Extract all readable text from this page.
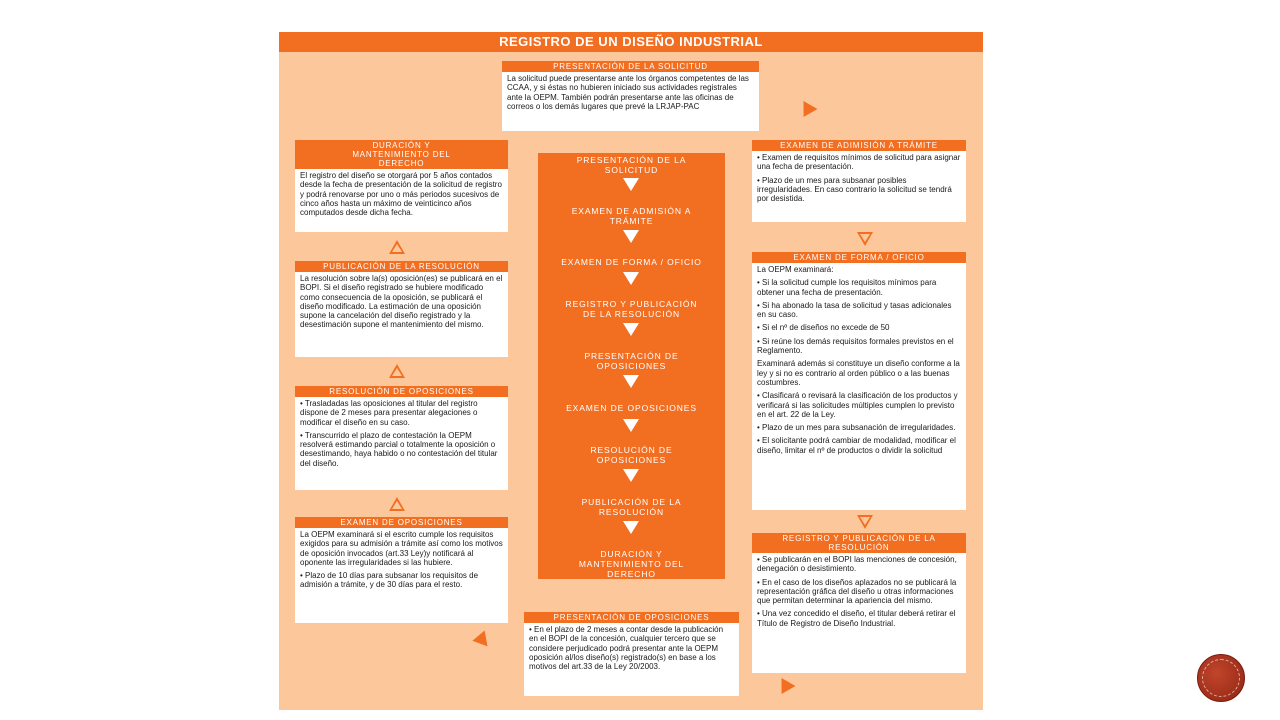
REGISTRO DE UN DISEÑO INDUSTRIAL
PRESENTACIÓN DE LA SOLICITUD

La solicitud puede presentarse ante los órganos competentes de las CCAA, y si éstas no hubieren iniciado sus actividades registrales ante la OEPM. También podrán presentarse ante las oficinas de correos o los demás lugares que prevé la LRJAP-PAC

DURACIÓN Y MANTENIMIENTO DEL DERECHO

El registro del diseño se otorgará por 5 años contados desde la fecha de presentación de la solicitud de registro y podrá renovarse por uno o más periodos sucesivos de cinco años hasta un máximo de veinticinco años computados desde dicha fecha.

PUBLICACIÓN DE LA RESOLUCIÓN

La resolución sobre la(s) oposición(es) se publicará en el BOPI. Si el diseño registrado se hubiere modificado como consecuencia de la oposición, se publicará el diseño modificado. La estimación de una oposición supone la cancelación del diseño registrado y la desestimación supone el mantenimiento del mismo.

RESOLUCIÓN DE OPOSICIONES

• Trasladadas las oposiciones al titular del registro dispone de 2 meses para presentar alegaciones o modificar el diseño en su caso.

• Transcurrido el plazo de contestación la OEPM resolverá estimando parcial o totalmente la oposición o desestimando, haya habido o no contestación del titular del diseño.

EXAMEN DE OPOSICIONES

La OEPM examinará si el escrito cumple los requisitos exigidos para su admisión a trámite así como los motivos de oposición invocados (art.33 Ley)y notificará al oponente las irregularidades si las hubiere.

• Plazo de 10 días para subsanar los requisitos de admisión a trámite, y de 30 días para el resto.

PRESENTACIÓN DE OPOSICIONES

• En el plazo de 2 meses a contar desde la publicación en el BOPI de la concesión, cualquier tercero que se considere perjudicado podrá presentar ante la OEPM oposición al/los diseño(s) registrado(s) en base a los motivos del art.33 de la Ley 20/2003.

EXAMEN DE ADIMISIÓN A TRÁMITE

• Examen de requisitos mínimos de solicitud para asignar una fecha de presentación.

• Plazo de un mes para subsanar posibles irregularidades. En caso contrario la solicitud se tendrá por desistida.

EXAMEN DE FORMA / OFICIO

La OEPM examinará:

• Si la solicitud cumple los requisitos mínimos para obtener una fecha de presentación.

• Si ha abonado la tasa de solicitud y tasas adicionales en su caso.

• Si el nº de diseños no excede de 50

• Si reúne los demás requisitos formales previstos en el Reglamento.

Examinará además si constituye un diseño conforme a la ley y si no es contrario al orden público o a las buenas costumbres.

• Clasificará o revisará la clasificación de los productos y verificará si las solicitudes múltiples cumplen lo previsto en el art. 22 de la Ley.

• Plazo de un mes para subsanación de irregularidades.

• El solicitante podrá cambiar de modalidad, modificar el diseño, limitar el nº de productos o dividir la solicitud

REGISTRO Y PUBLICACIÓN DE LA RESOLUCIÓN

• Se publicarán en el BOPI las menciones de concesión, denegación o desistimiento.

• En el caso de los diseños aplazados no se publicará la representación gráfica del diseño u otras informaciones que permitan determinar la apariencia del mismo.

• Una vez concedido el diseño, el titular deberá retirar el Título de Registro de Diseño Industrial.

PRESENTACIÓN DE LA SOLICITUD
EXAMEN DE ADMISIÓN A TRÁMITE
EXAMEN DE FORMA / OFICIO
REGISTRO Y PUBLICACIÓN DE LA RESOLUCIÓN
PRESENTACIÓN DE OPOSICIONES
EXAMEN DE OPOSICIONES
RESOLUCIÓN DE OPOSICIONES
PUBLICACIÓN DE LA RESOLUCIÓN
DURACIÓN Y MANTENIMIENTO DEL DERECHO
